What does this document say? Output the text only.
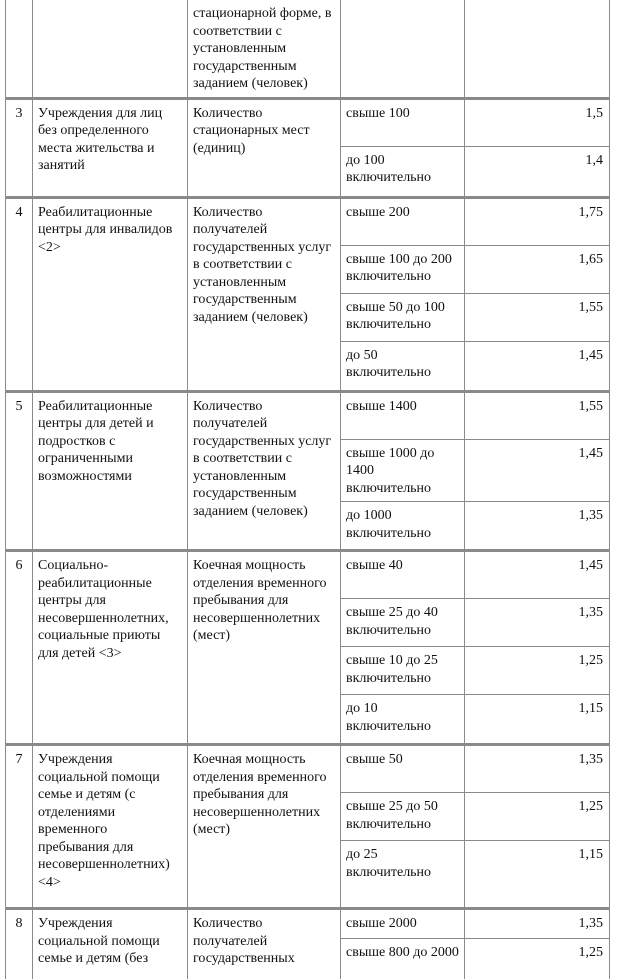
		стационарной форме, в соответствии с установленным государственным заданием (человек)		
3	Учреждения для лиц без определенного места жительства и занятий	Количество стационарных мест (единиц)	свыше 100	1,5
			до 100 включительно	1,4
4	Реабилитационные центры для инвалидов <2>	Количество получателей государственных услуг в соответствии с установленным государственным заданием (человек)	свыше 200	1,75
			свыше 100 до 200 включительно	1,65
			свыше 50 до 100 включительно	1,55
			до 50 включительно	1,45
5	Реабилитационные центры для детей и подростков с ограниченными возможностями	Количество получателей государственных услуг в соответствии с установленным государственным заданием (человек)	свыше 1400	1,55
			свыше 1000 до 1400 включительно	1,45
			до 1000 включительно	1,35
6	Социально-реабилитационные центры для несовершеннолетних, социальные приюты для детей <3>	Коечная мощность отделения временного пребывания для несовершеннолетних (мест)	свыше 40	1,45
			свыше 25 до 40 включительно	1,35
			свыше 10 до 25 включительно	1,25
			до 10 включительно	1,15
7	Учреждения социальной помощи семье и детям (с отделениями временного пребывания для несовершеннолетних) <4>	Коечная мощность отделения временного пребывания для несовершеннолетних (мест)	свыше 50	1,35
			свыше 25 до 50 включительно	1,25
			до 25 включительно	1,15
8	Учреждения социальной помощи семье и детям (без	Количество получателей государственных	свыше 2000	1,35
			свыше 800 до 2000	1,25
